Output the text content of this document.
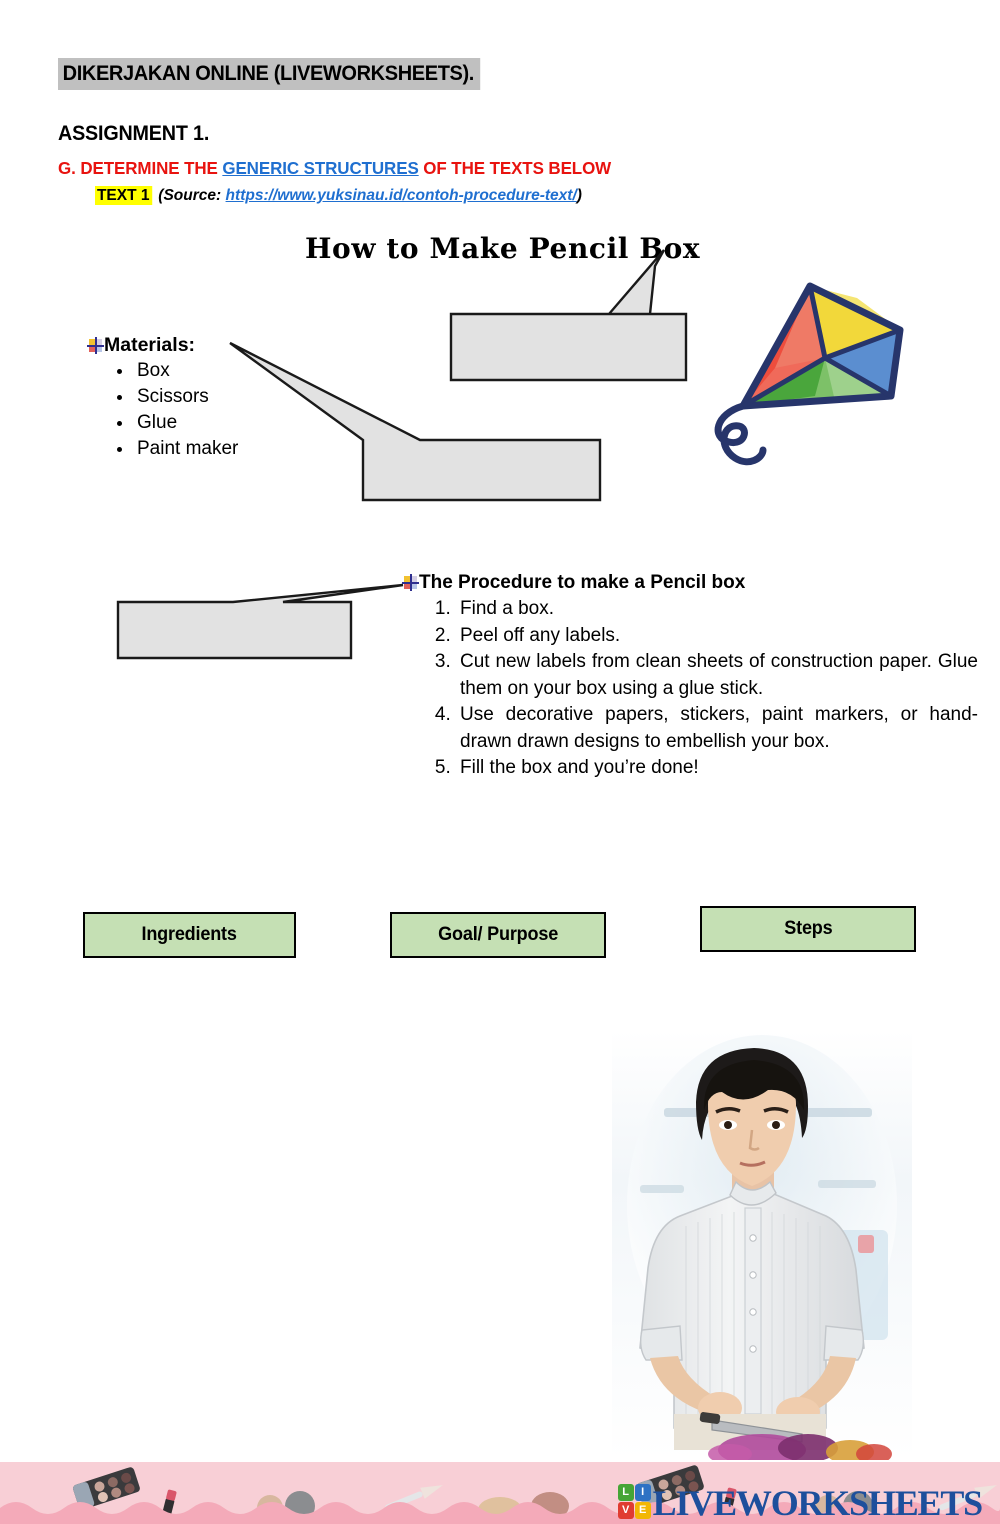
DIKERJAKAN ONLINE (LIVEWORKSHEETS).
ASSIGNMENT 1.
G. DETERMINE THE GENERIC STRUCTURES OF THE TEXTS BELOW
TEXT 1 (Source: https://www.yuksinau.id/contoh-procedure-text/)
How to Make Pencil Box
Materials:
• Box
• Scissors
• Glue
• Paint maker
The Procedure to make a Pencil box
1. Find a box.
2. Peel off any labels.
3. Cut new labels from clean sheets of construction paper. Glue them on your box using a glue stick.
4. Use decorative papers, stickers, paint markers, or hand-drawn drawn designs to embellish your box.
5. Fill the box and you’re done!
Ingredients	Goal/ Purpose	Steps
L	I
V E LIVEWORKSHEETS
